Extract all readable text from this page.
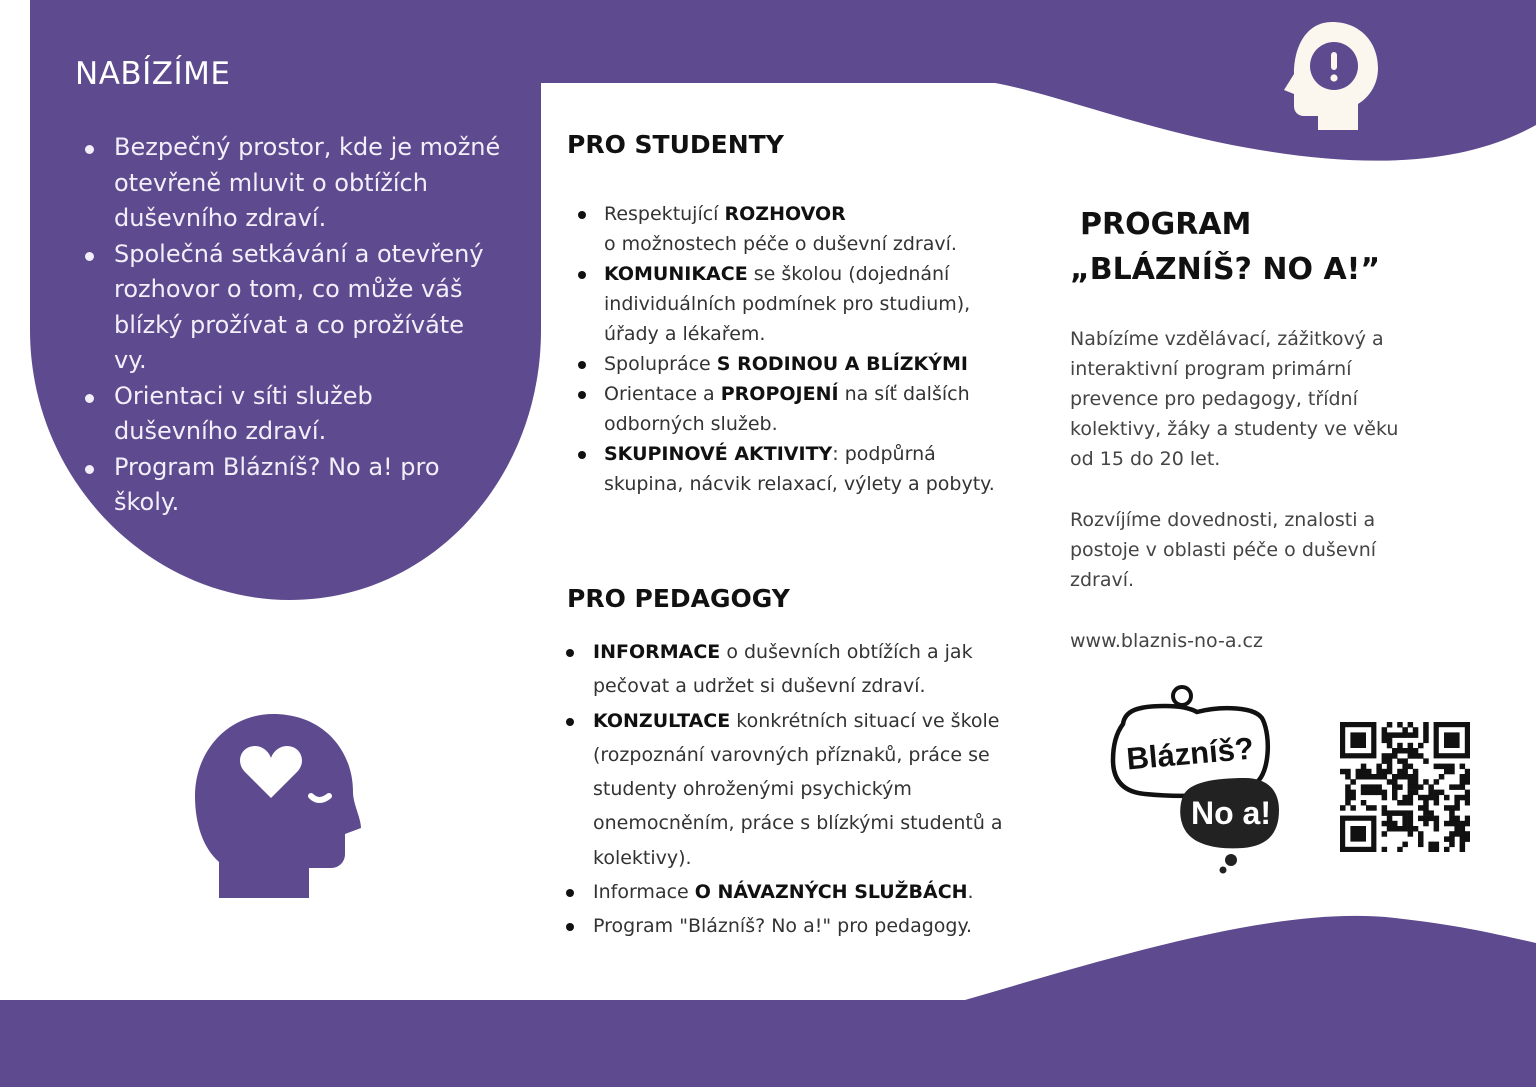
NABÍZÍME
Bezpečný prostor, kde je možné otevřeně mluvit o obtížích duševního zdraví.
Společná setkávání a otevřený rozhovor o tom, co může váš blízký prožívat a co prožíváte vy.
Orientaci v síti služeb duševního zdraví.
Program Blázníš? No a! pro školy.
PRO STUDENTY
Respektující ROZHOVOR
o možnostech péče o duševní zdraví.
KOMUNIKACE se školou (dojednání individuálních podmínek pro studium), úřady a lékařem.
Spolupráce S RODINOU A BLÍZKÝMI
Orientace a PROPOJENÍ na síť dalších odborných služeb.
SKUPINOVÉ AKTIVITY: podpůrná skupina, nácvik relaxací, výlety a pobyty.
PRO PEDAGOGY
INFORMACE o duševních obtížích a jak pečovat a udržet si duševní zdraví.
KONZULTACE konkrétních situací ve škole (rozpoznání varovných příznaků, práce se studenty ohroženými psychickým onemocněním, práce s blízkými studentů a kolektivy).
Informace O NÁVAZNÝCH SLUŽBÁCH.
Program "Blázníš? No a!" pro pedagogy.
PROGRAM
„BLÁZNÍŠ? NO A!”
Nabízíme vzdělávací, zážitkový a interaktivní program primární prevence pro pedagogy, třídní kolektivy, žáky a studenty ve věku od 15 do 20 let.
Rozvíjíme dovednosti, znalosti a postoje v oblasti péče o duševní zdraví.
www.blaznis-no-a.cz
Blázníš?
No a!
